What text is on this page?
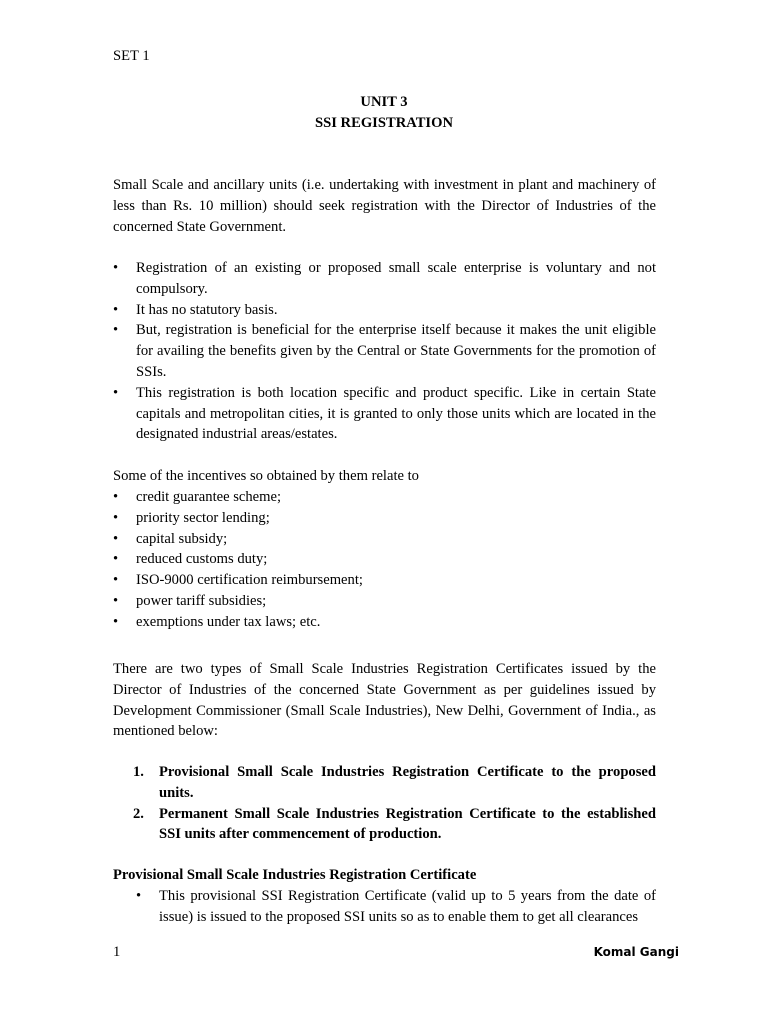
SET 1
UNIT 3
SSI REGISTRATION
Small Scale and ancillary units (i.e. undertaking with investment in plant and machinery of less than Rs. 10 million) should seek registration with the Director of Industries of the concerned State Government.
• Registration of an existing or proposed small scale enterprise is voluntary and not compulsory.
• It has no statutory basis.
• But, registration is beneficial for the enterprise itself because it makes the unit eligible for availing the benefits given by the Central or State Governments for the promotion of SSIs.
• This registration is both location specific and product specific. Like in certain State capitals and metropolitan cities, it is granted to only those units which are located in the designated industrial areas/estates.
Some of the incentives so obtained by them relate to
• credit guarantee scheme;
• priority sector lending;
• capital subsidy;
• reduced customs duty;
• ISO-9000 certification reimbursement;
• power tariff subsidies;
• exemptions under tax laws; etc.
There are two types of Small Scale Industries Registration Certificates issued by the Director of Industries of the concerned State Government as per guidelines issued by Development Commissioner (Small Scale Industries), New Delhi, Government of India., as mentioned below:
1. Provisional Small Scale Industries Registration Certificate to the proposed units.
2. Permanent Small Scale Industries Registration Certificate to the established SSI units after commencement of production.
Provisional Small Scale Industries Registration Certificate
• This provisional SSI Registration Certificate (valid up to 5 years from the date of issue) is issued to the proposed SSI units so as to enable them to get all clearances
1	Komal Gangi
